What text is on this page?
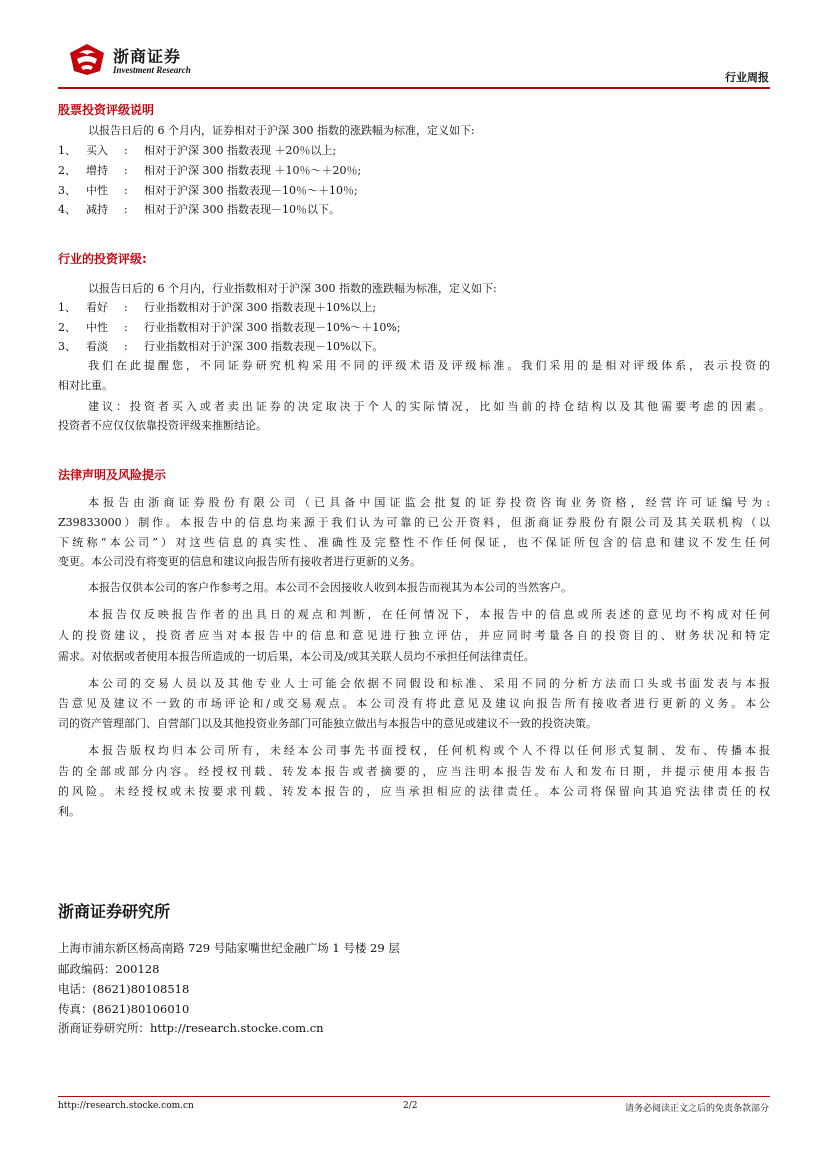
浙商证券
Investment Research
行业周报
股票投资评级说明
以报告日后的 6 个月内，证券相对于沪深 300 指数的涨跌幅为标准，定义如下:
1、 买入 : 相对于沪深 300 指数表现 ＋20％以上;
2、 增持 : 相对于沪深 300 指数表现 ＋10％～＋20％;
3、 中性 : 相对于沪深 300 指数表现－10％～＋10％;
4、 减持 : 相对于沪深 300 指数表现－10％以下。
行业的投资评级:
以报告日后的 6 个月内，行业指数相对于沪深 300 指数的涨跌幅为标准，定义如下:
1、 看好 : 行业指数相对于沪深 300 指数表现＋10%以上;
2、 中性 : 行业指数相对于沪深 300 指数表现－10%～＋10%;
3、 看淡 : 行业指数相对于沪深 300 指数表现－10%以下。
我们在此提醒您，不同证券研究机构采用不同的评级术语及评级标准。我们采用的是相对评级体系，表示投资的
相对比重。
建议：投资者买入或者卖出证券的决定取决于个人的实际情况，比如当前的持仓结构以及其他需要考虑的因素。
投资者不应仅仅依靠投资评级来推断结论。
法律声明及风险提示
本报告由浙商证券股份有限公司（已具备中国证监会批复的证券投资咨询业务资格，经营许可证编号为:
Z39833000）制作。本报告中的信息均来源于我们认为可靠的已公开资料，但浙商证券股份有限公司及其关联机构（以
下统称“本公司”）对这些信息的真实性、准确性及完整性不作任何保证，也不保证所包含的信息和建议不发生任何
变更。本公司没有将变更的信息和建议向报告所有接收者进行更新的义务。
本报告仅供本公司的客户作参考之用。本公司不会因接收人收到本报告而视其为本公司的当然客户。
本报告仅反映报告作者的出具日的观点和判断，在任何情况下，本报告中的信息或所表述的意见均不构成对任何
人的投资建议，投资者应当对本报告中的信息和意见进行独立评估，并应同时考量各自的投资目的、财务状况和特定
需求。对依据或者使用本报告所造成的一切后果，本公司及/或其关联人员均不承担任何法律责任。
本公司的交易人员以及其他专业人士可能会依据不同假设和标准、采用不同的分析方法而口头或书面发表与本报
告意见及建议不一致的市场评论和/或交易观点。本公司没有将此意见及建议向报告所有接收者进行更新的义务。本公
司的资产管理部门、自营部门以及其他投资业务部门可能独立做出与本报告中的意见或建议不一致的投资决策。
本报告版权均归本公司所有，未经本公司事先书面授权，任何机构或个人不得以任何形式复制、发布、传播本报
告的全部或部分内容。经授权刊载、转发本报告或者摘要的，应当注明本报告发布人和发布日期，并提示使用本报告
的风险。未经授权或未按要求刊载、转发本报告的，应当承担相应的法律责任。本公司将保留向其追究法律责任的权
利。
浙商证券研究所
上海市浦东新区杨高南路 729 号陆家嘴世纪金融广场 1 号楼 29 层
邮政编码：200128
电话：(8621)80108518
传真：(8621)80106010
浙商证券研究所：http://research.stocke.com.cn
http://research.stocke.com.cn	2/2	请务必阅读正文之后的免责条款部分
